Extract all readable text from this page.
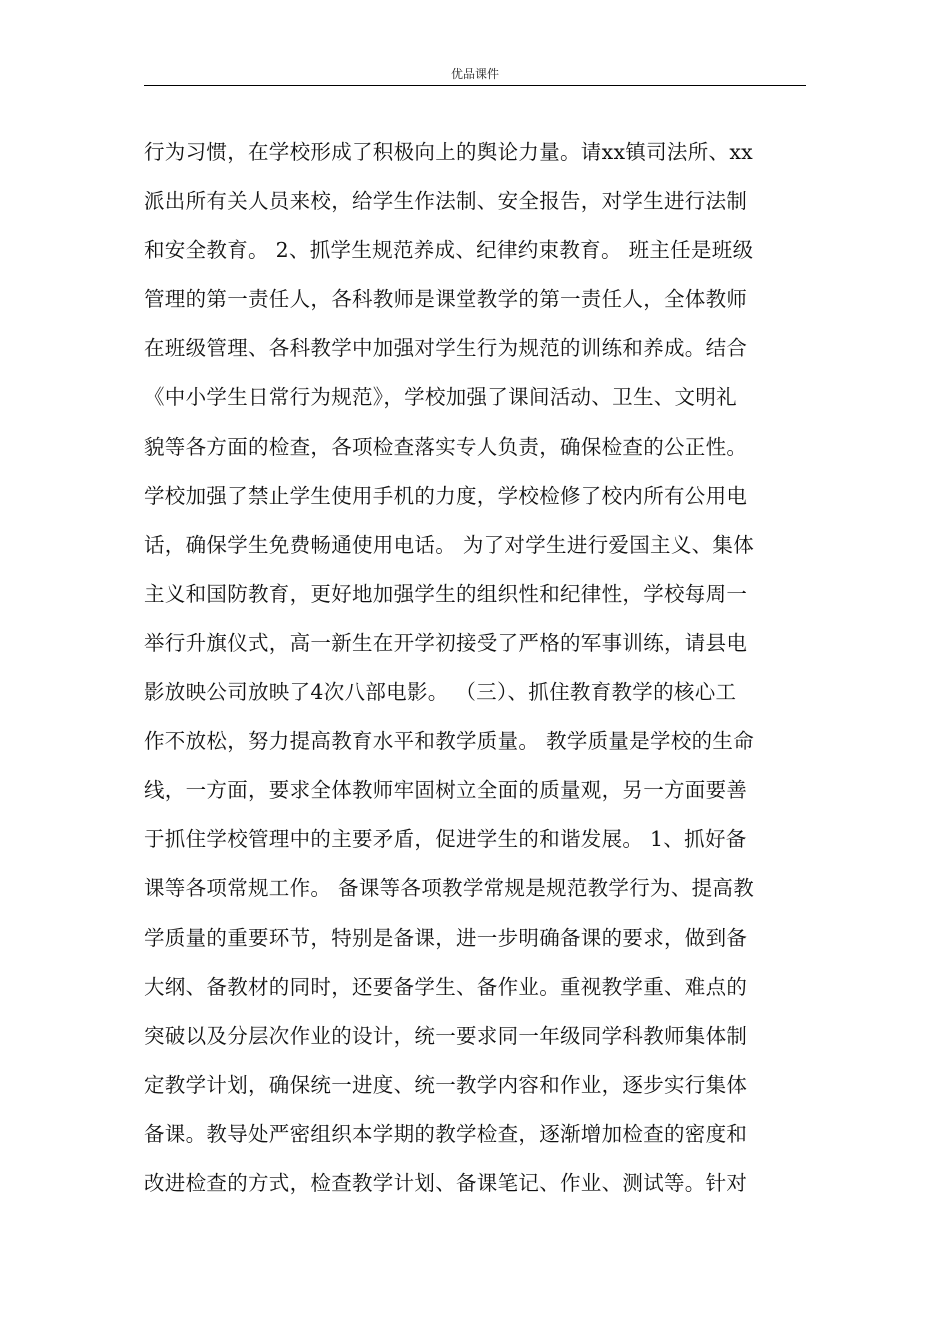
优品课件
行为习惯，在学校形成了积极向上的舆论力量。请xx镇司法所、xx
派出所有关人员来校，给学生作法制、安全报告，对学生进行法制
和安全教育。 2、抓学生规范养成、纪律约束教育。 班主任是班级
管理的第一责任人，各科教师是课堂教学的第一责任人，全体教师
在班级管理、各科教学中加强对学生行为规范的训练和养成。结合
《中小学生日常行为规范》，学校加强了课间活动、卫生、文明礼
貌等各方面的检查，各项检查落实专人负责，确保检查的公正性。
学校加强了禁止学生使用手机的力度，学校检修了校内所有公用电
话，确保学生免费畅通使用电话。 为了对学生进行爱国主义、集体
主义和国防教育，更好地加强学生的组织性和纪律性，学校每周一
举行升旗仪式，高一新生在开学初接受了严格的军事训练，请县电
影放映公司放映了4次八部电影。 （三）、抓住教育教学的核心工
作不放松，努力提高教育水平和教学质量。 教学质量是学校的生命
线，一方面，要求全体教师牢固树立全面的质量观，另一方面要善
于抓住学校管理中的主要矛盾，促进学生的和谐发展。 1、抓好备
课等各项常规工作。 备课等各项教学常规是规范教学行为、提高教
学质量的重要环节，特别是备课，进一步明确备课的要求，做到备
大纲、备教材的同时，还要备学生、备作业。重视教学重、难点的
突破以及分层次作业的设计，统一要求同一年级同学科教师集体制
定教学计划，确保统一进度、统一教学内容和作业，逐步实行集体
备课。教导处严密组织本学期的教学检查，逐渐增加检查的密度和
改进检查的方式，检查教学计划、备课笔记、作业、测试等。针对
